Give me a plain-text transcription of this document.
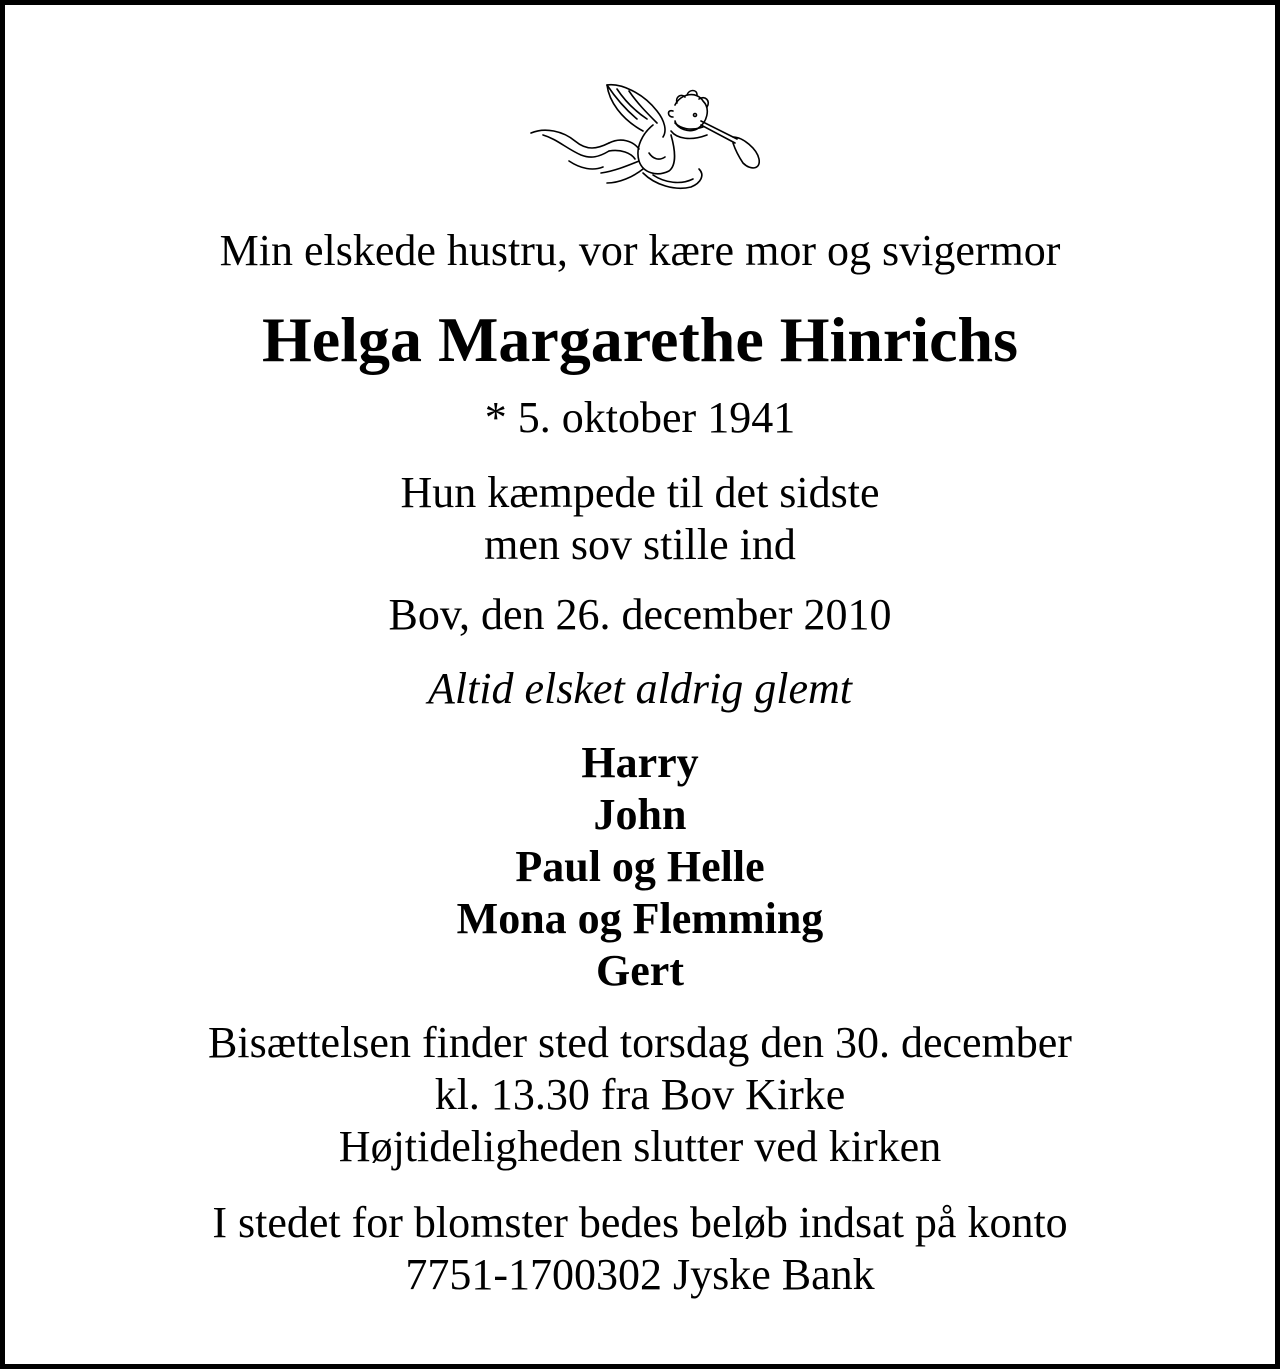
Min elskede hustru, vor kære mor og svigermor
Helga Margarethe Hinrichs
* 5. oktober 1941
Hun kæmpede til det sidste
men sov stille ind
Bov, den 26. december 2010
Altid elsket aldrig glemt
Harry
John
Paul og Helle
Mona og Flemming
Gert
Bisættelsen finder sted torsdag den 30. december
kl. 13.30 fra Bov Kirke
Højtideligheden slutter ved kirken
I stedet for blomster bedes beløb indsat på konto
7751-1700302 Jyske Bank
